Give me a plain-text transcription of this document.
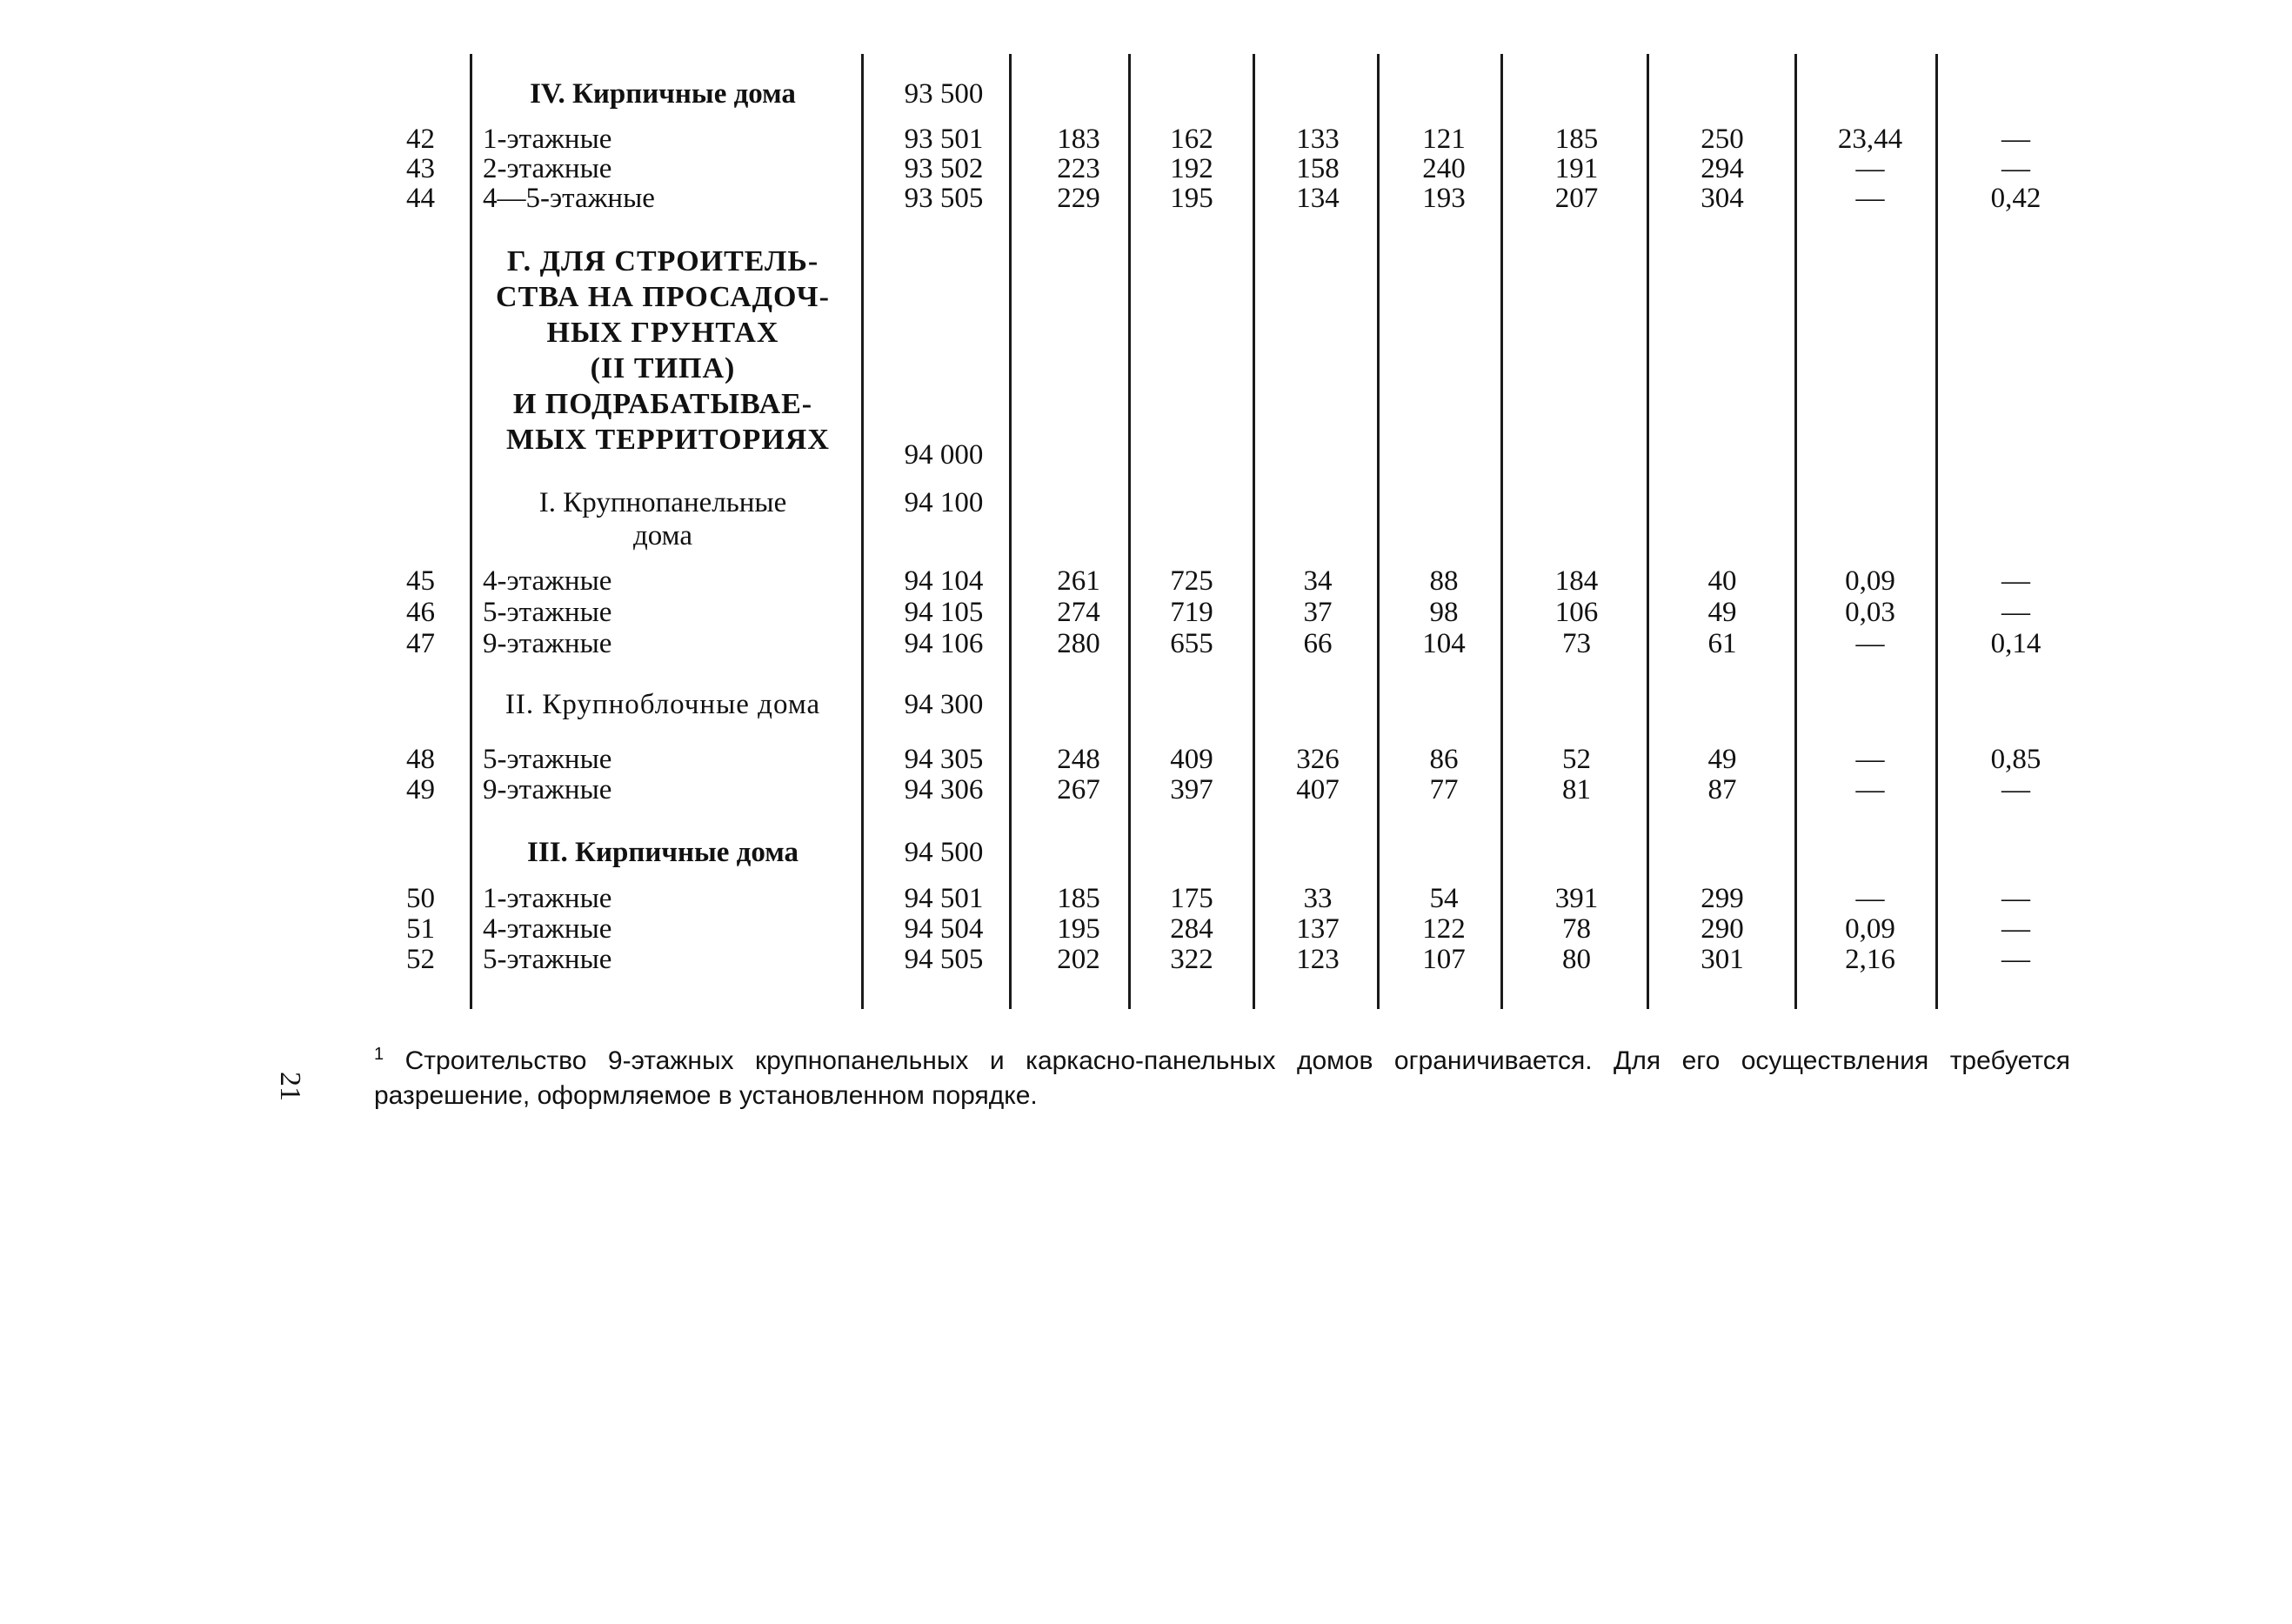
IV. Кирпичные дома	93 500
42 1-этажные	93 501	183	162	133	121	185	250	23,44	—
43 2-этажные	93 502	223	192	158	240	191	294	—	—
44 4—5-этажные	93 505	229	195	134	193	207	304	—	0,42
Г. ДЛЯ СТРОИТЕЛЬ-
СТВА НА ПРОСАДОЧ-
НЫХ ГРУНТАХ
(II ТИПА)
И ПОДРАБАТЫВАЕ-
МЫХ ТЕРРИТОРИЯХ	94 000
I. Крупнопанельные	94 100
дома
45 4-этажные	94 104	261	725	34	88	184	40	0,09	—
46 5-этажные	94 105	274	719	37	98	106	49	0,03	—
47 9-этажные	94 106	280	655	66	104	73	61	—	0,14
II. Крупноблочные дома	94 300
48 5-этажные	94 305	248	409	326	86	52	49	—	0,85
49 9-этажные	94 306	267	397	407	77	81	87	—	—
III. Кирпичные дома	94 500
50 1-этажные	94 501	185	175	33	54	391	299	—	—
51 4-этажные	94 504	195	284	137	122	78	290	0,09	—
52 5-этажные	94 505	202	322	123	107	80	301	2,16	—
$^1$ Строительство 9-этажных крупнопанельных и каркасно-панельных домов ограничивается. Для его осуществления требуется разрешение, оформляемое в установленном порядке.
21
